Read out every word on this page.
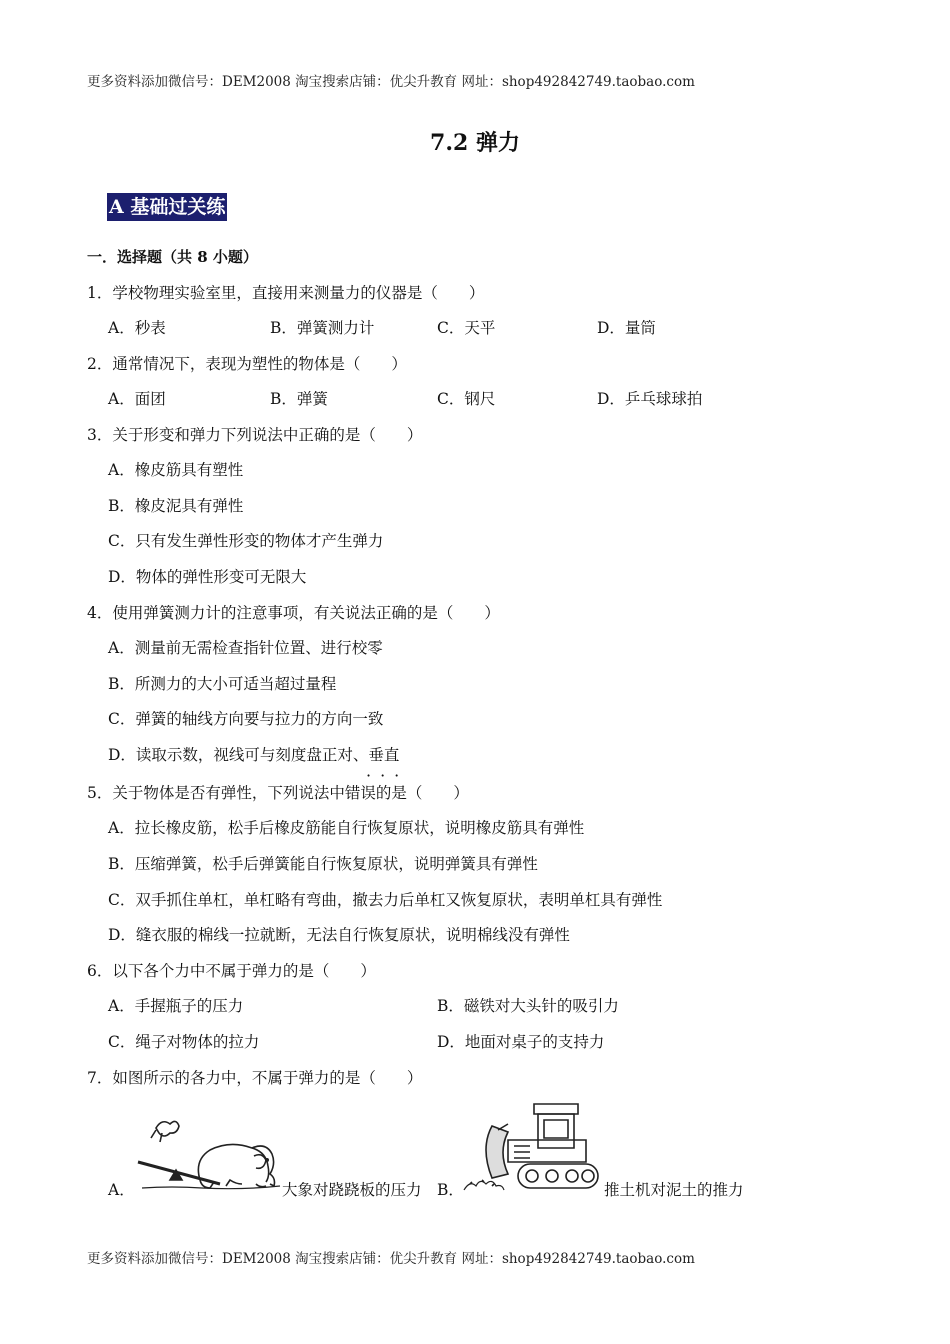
更多资料添加微信号：DEM2008 淘宝搜索店铺：优尖升教育 网址：shop492842749.taobao.com
7.2 弹力
A 基础过关练
一．选择题（共 8 小题）
1．学校物理实验室里，直接用来测量力的仪器是（　　）
A．秒表	B．弹簧测力计	C．天平	D．量筒
2．通常情况下，表现为塑性的物体是（　　）
A．面团	B．弹簧	C．钢尺	D．乒乓球球拍
3．关于形变和弹力下列说法中正确的是（　　）
A．橡皮筋具有塑性
B．橡皮泥具有弹性
C．只有发生弹性形变的物体才产生弹力
D．物体的弹性形变可无限大
4．使用弹簧测力计的注意事项，有关说法正确的是（　　）
A．测量前无需检查指针位置、进行校零
B．所测力的大小可适当超过量程
C．弹簧的轴线方向要与拉力的方向一致
D．读取示数，视线可与刻度盘正对、垂直
···
5．关于物体是否有弹性，下列说法中错误的是（　　）
A．拉长橡皮筋，松手后橡皮筋能自行恢复原状，说明橡皮筋具有弹性
B．压缩弹簧，松手后弹簧能自行恢复原状，说明弹簧具有弹性
C．双手抓住单杠，单杠略有弯曲，撤去力后单杠又恢复原状，表明单杠具有弹性
D．缝衣服的棉线一拉就断，无法自行恢复原状，说明棉线没有弹性
6．以下各个力中不属于弹力的是（　　）
A．手握瓶子的压力	B．磁铁对大头针的吸引力
C．绳子对物体的拉力	D．地面对桌子的支持力
7．如图所示的各力中，不属于弹力的是（　　）
A．	大象对跷跷板的压力 B．	推土机对泥土的推力
更多资料添加微信号：DEM2008 淘宝搜索店铺：优尖升教育 网址：shop492842749.taobao.com
